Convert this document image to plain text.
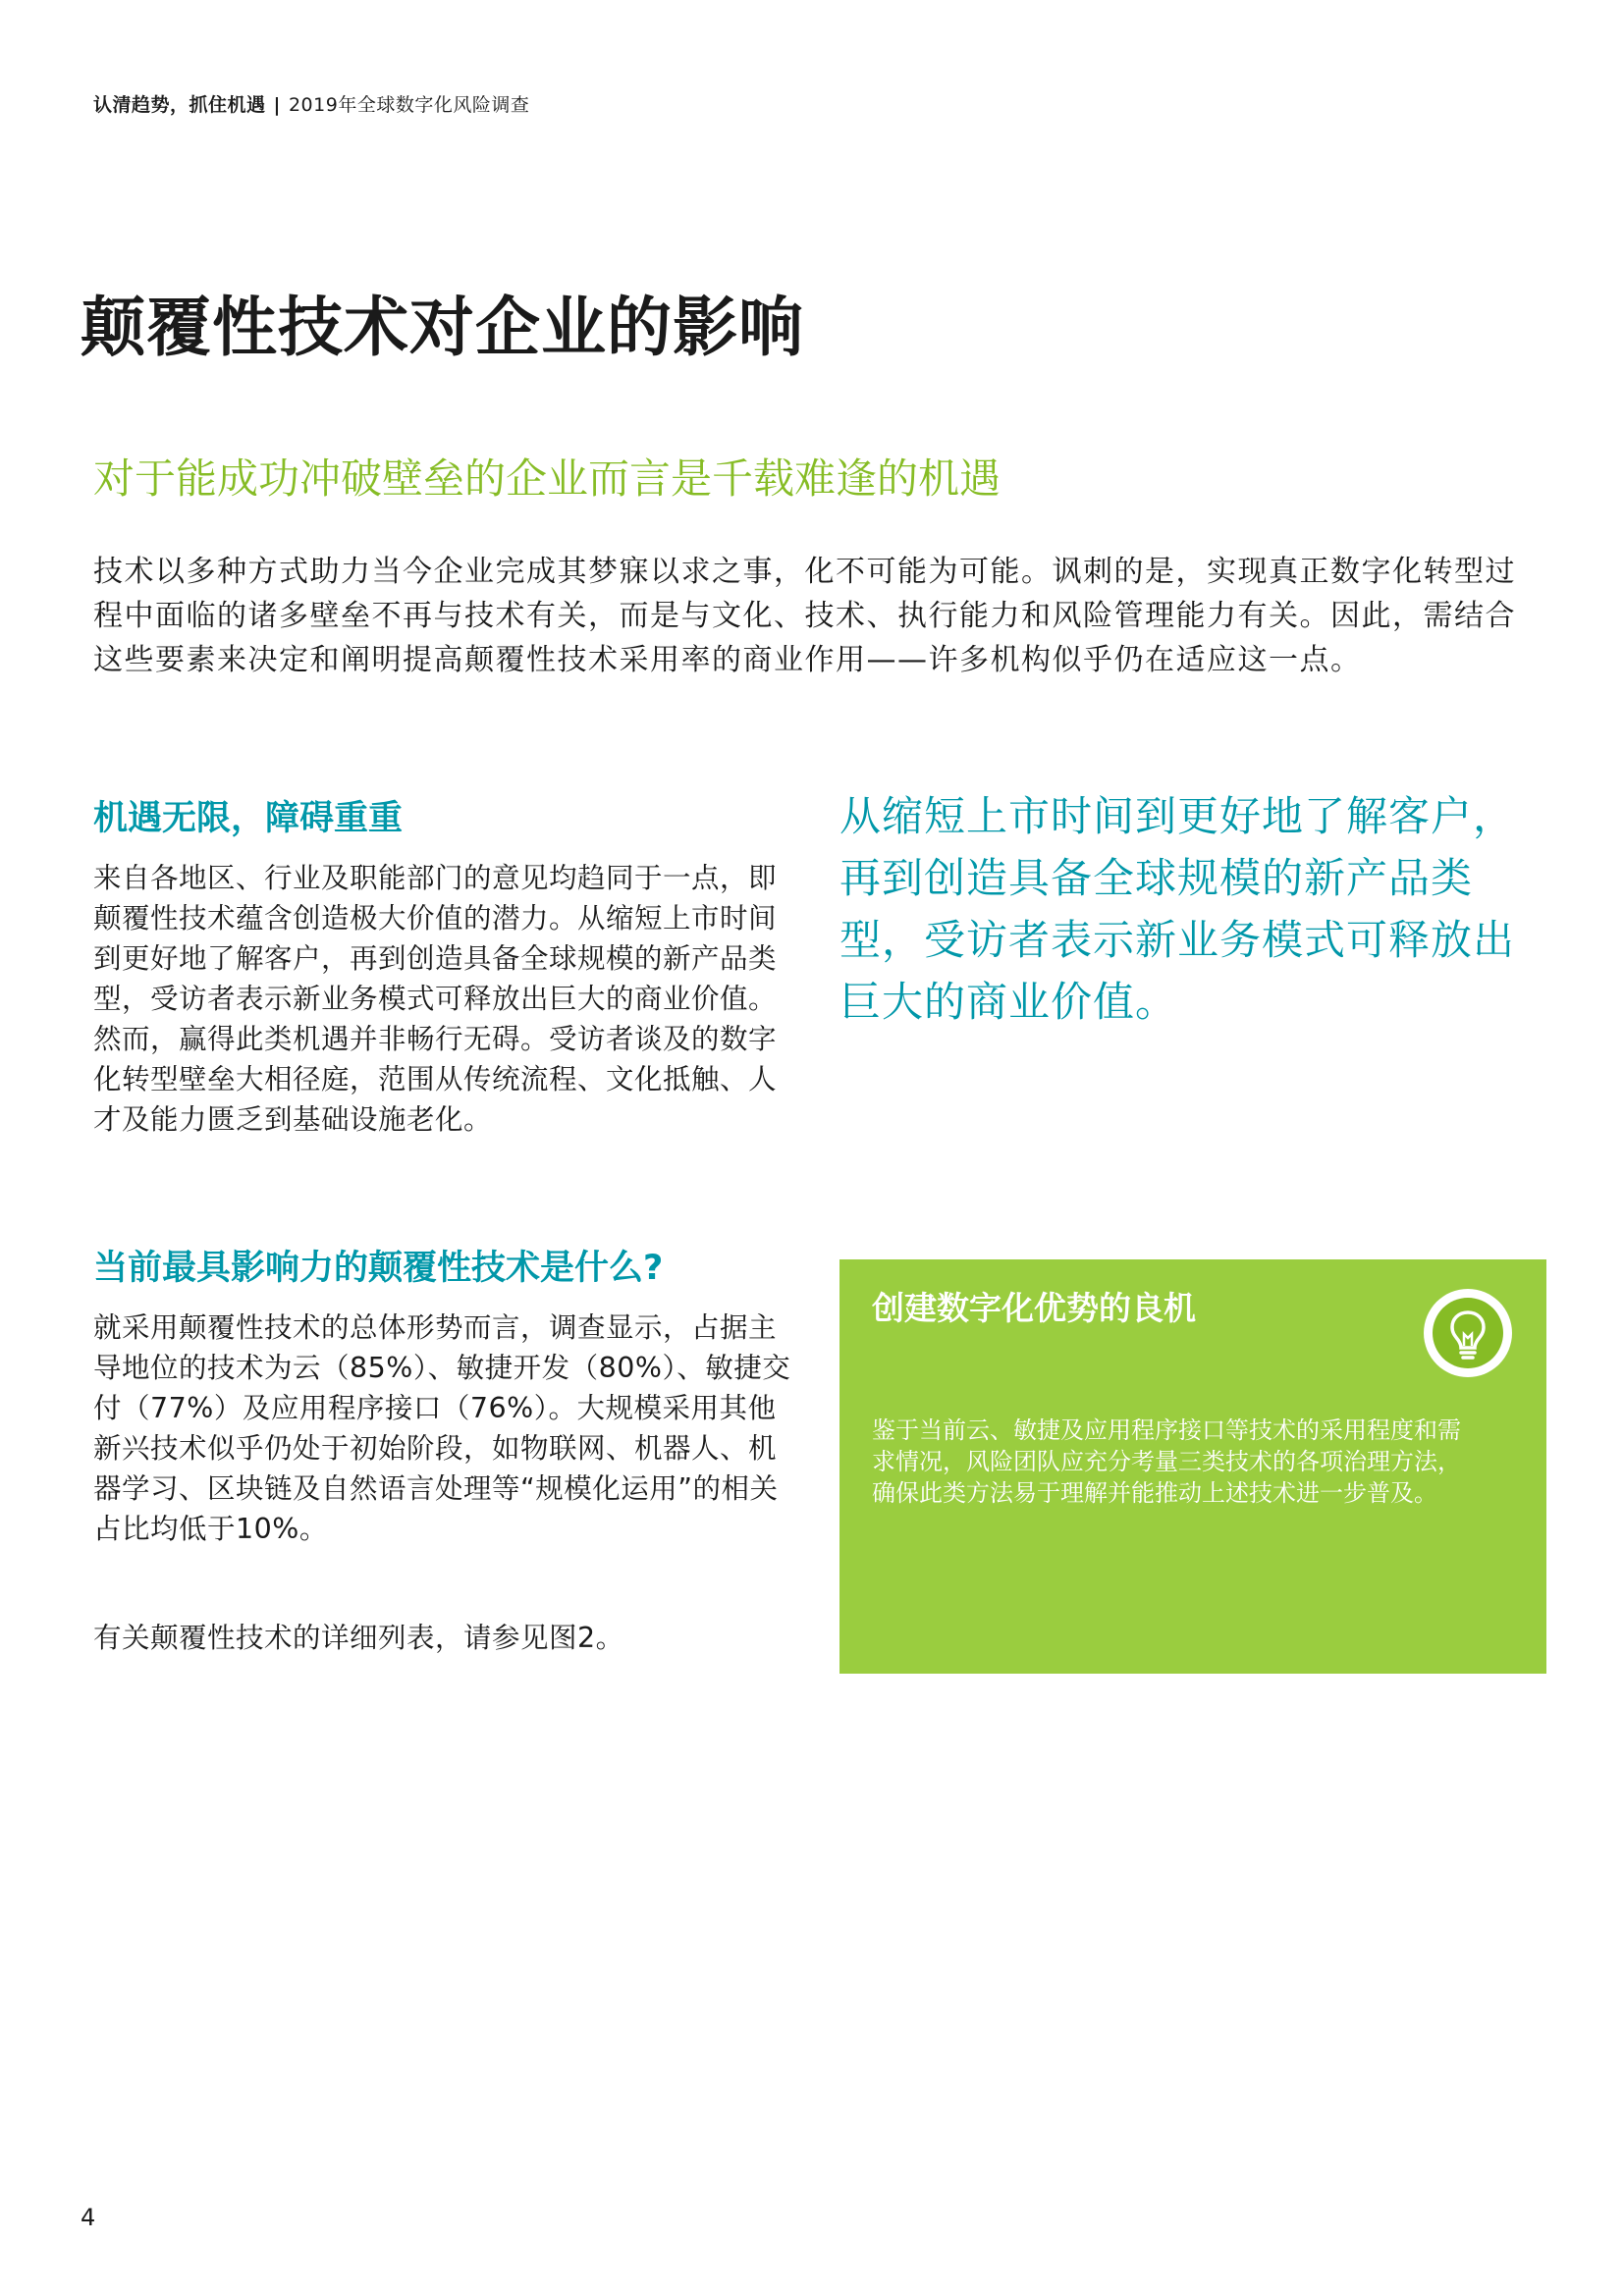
认清趋势，抓住机遇 | 2019年全球数字化风险调查
颠覆性技术对企业的影响
对于能成功冲破壁垒的企业而言是千载难逢的机遇

技术以多种方式助力当今企业完成其梦寐以求之事，化不可能为可能。讽刺的是，实现真正数字化转型过程中面临的诸多壁垒不再与技术有关，而是与文化、技术、执行能力和风险管理能力有关。因此，需结合这些要素来决定和阐明提高颠覆性技术采用率的商业作用——许多机构似乎仍在适应这一点。

机遇无限，障碍重重

来自各地区、行业及职能部门的意见均趋同于一点，即颠覆性技术蕴含创造极大价值的潜力。从缩短上市时间到更好地了解客户，再到创造具备全球规模的新产品类型，受访者表示新业务模式可释放出巨大的商业价值。然而，赢得此类机遇并非畅行无碍。受访者谈及的数字化转型壁垒大相径庭，范围从传统流程、文化抵触、人才及能力匮乏到基础设施老化。

从缩短上市时间到更好地了解客户，再到创造具备全球规模的新产品类型，受访者表示新业务模式可释放出巨大的商业价值。

当前最具影响力的颠覆性技术是什么?

就采用颠覆性技术的总体形势而言，调查显示，占据主导地位的技术为云（85%）、敏捷开发（80%）、敏捷交付（77%）及应用程序接口（76%）。大规模采用其他新兴技术似乎仍处于初始阶段，如物联网、机器人、机器学习、区块链及自然语言处理等“规模化运用”的相关占比均低于10%。

有关颠覆性技术的详细列表，请参见图2。

创建数字化优势的良机

鉴于当前云、敏捷及应用程序接口等技术的采用程度和需求情况，风险团队应充分考量三类技术的各项治理方法，确保此类方法易于理解并能推动上述技术进一步普及。

4
